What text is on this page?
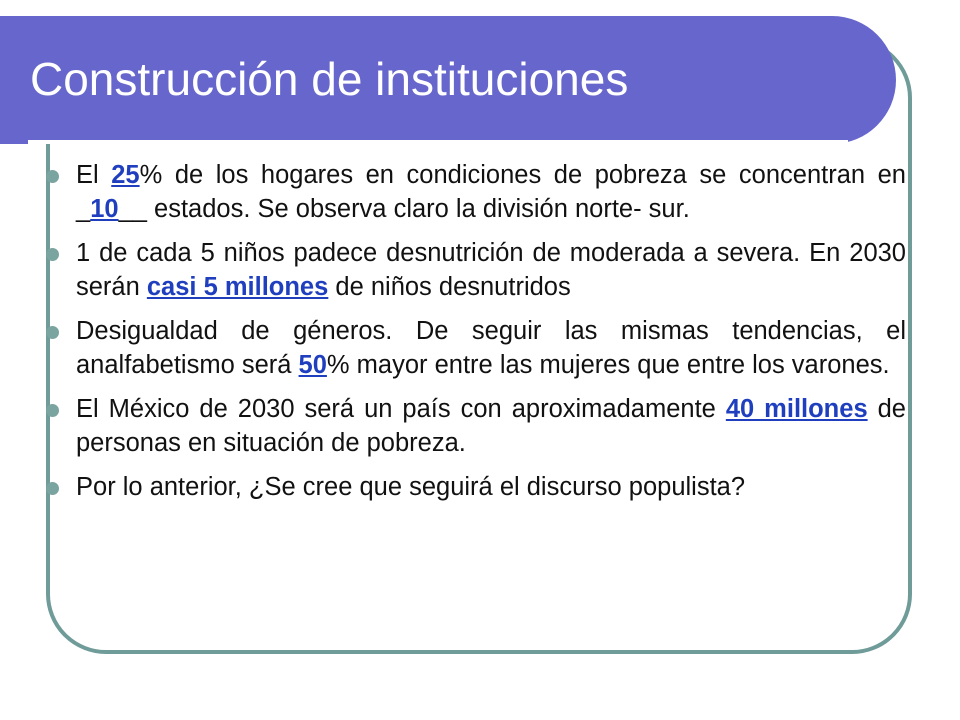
Construcción de instituciones
El 25% de los hogares en condiciones de pobreza se concentran en _10__ estados. Se observa claro la división norte- sur.
1 de cada 5 niños padece desnutrición de moderada a severa. En 2030 serán casi 5 millones de niños desnutridos
Desigualdad de géneros. De seguir las mismas tendencias, el analfabetismo será 50% mayor entre las mujeres que entre los varones.
El México de 2030 será un país con aproximadamente 40 millones de personas en situación de pobreza.
Por lo anterior, ¿Se cree que seguirá el discurso populista?
